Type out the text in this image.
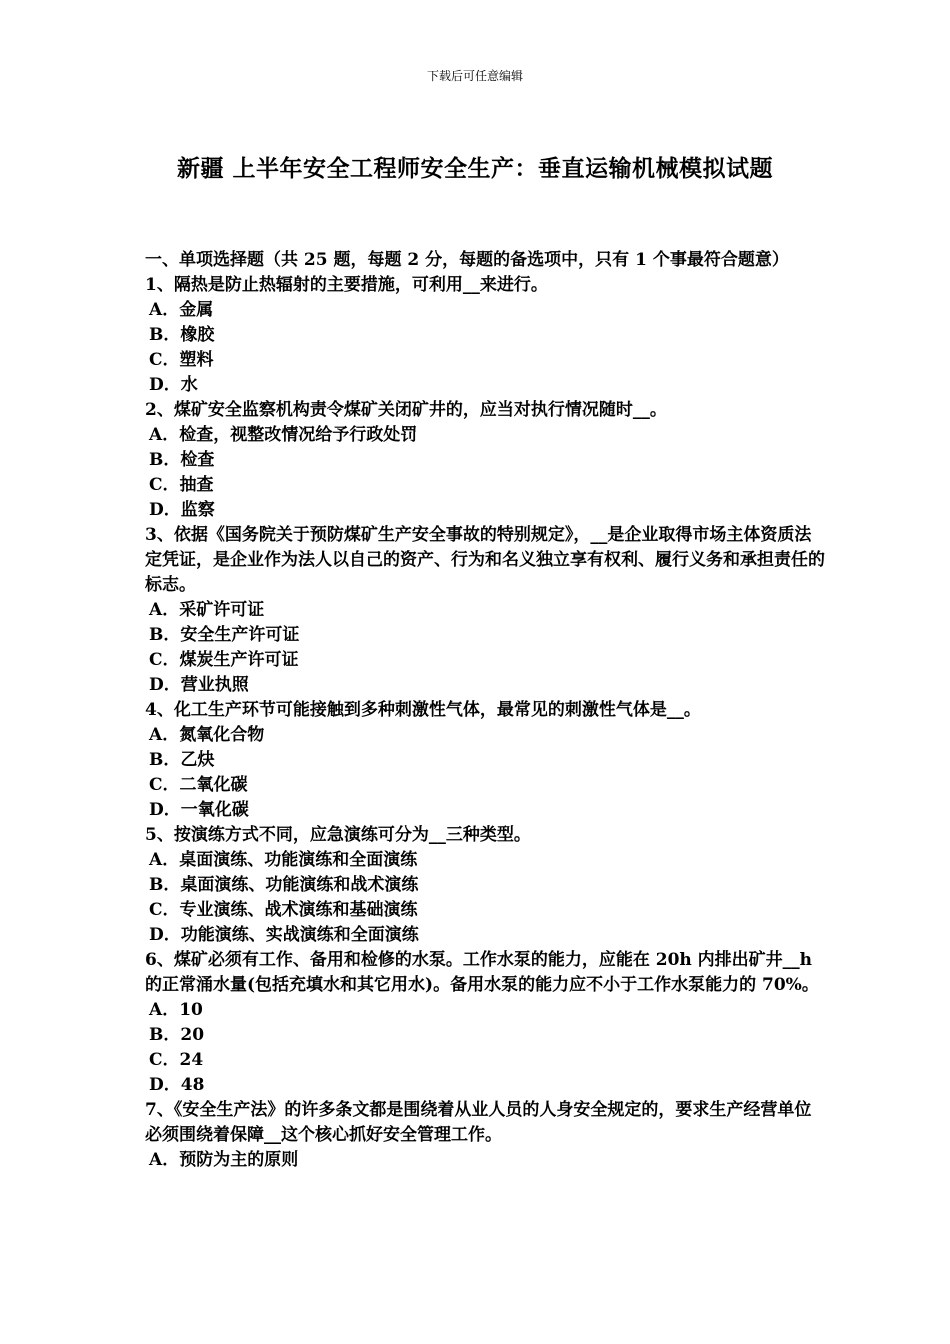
下载后可任意编辑
新疆 上半年安全工程师安全生产：垂直运输机械模拟试题

一、单项选择题（共 25 题，每题 2 分，每题的备选项中，只有 1 个事最符合题意）

1、隔热是防止热辐射的主要措施，可利用__来进行。

A．金属
B．橡胶
C．塑料
D．水

2、煤矿安全监察机构责令煤矿关闭矿井的，应当对执行情况随时__。

A．检查，视整改情况给予行政处罚
B．检查
C．抽查
D．监察

3、依据《国务院关于预防煤矿生产安全事故的特别规定》，__是企业取得市场主体资质法定凭证，是企业作为法人以自己的资产、行为和名义独立享有权利、履行义务和承担责任的标志。

A．采矿许可证
B．安全生产许可证
C．煤炭生产许可证
D．营业执照

4、化工生产环节可能接触到多种刺激性气体，最常见的刺激性气体是__。

A．氮氧化合物
B．乙炔
C．二氧化碳
D．一氧化碳

5、按演练方式不同，应急演练可分为__三种类型。

A．桌面演练、功能演练和全面演练
B．桌面演练、功能演练和战术演练
C．专业演练、战术演练和基础演练
D．功能演练、实战演练和全面演练

6、煤矿必须有工作、备用和检修的水泵。工作水泵的能力，应能在 20h 内排出矿井__h 的正常涌水量(包括充填水和其它用水)。备用水泵的能力应不小于工作水泵能力的 70%。

A．10
B．20
C．24
D．48

7、《安全生产法》的许多条文都是围绕着从业人员的人身安全规定的，要求生产经营单位必须围绕着保障__这个核心抓好安全管理工作。

A．预防为主的原则
